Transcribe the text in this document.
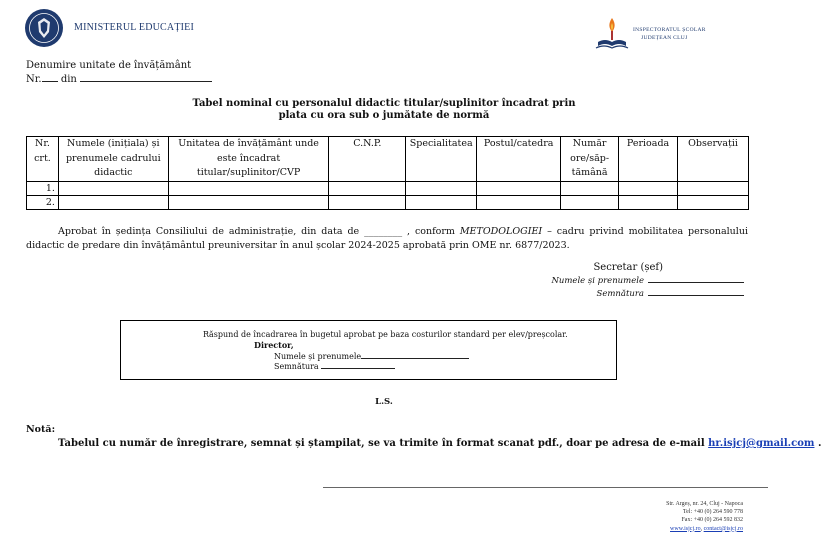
MINISTERUL EDUCAȚIEI	INSPECTORATUL ȘCOLAR
JUDEȚEAN CLUJ
Denumire unitate de învățământ
Nr. din
Tabel nominal cu personalul didactic titular/suplinitor încadrat prin
plata cu ora sub o jumătate de normă
Nr. crt.	Numele (inițiala) și prenumele cadrului didactic	Unitatea de învățământ unde este încadrat titular/suplinitor/CVP	C.N.P.	Specialitatea	Postul/catedra	Număr ore/săp-tămână	Perioada	Observații
1.								
2.								
Aprobat în ședința Consiliului de administrație, din data de ________ , conform METODOLOGIEI – cadru privind mobilitatea personalului didactic de predare din învățământul preuniversitar în anul școlar 2024-2025 aprobată prin OME nr. 6877/2023.
Secretar (șef)
Numele și prenumele
Semnătura
Răspund de încadrarea în bugetul aprobat pe baza costurilor standard per elev/preșcolar.
Director,
Numele și prenumele
Semnătura
L.S.
Notă:
Tabelul cu număr de înregistrare, semnat și ștampilat, se va trimite în format scanat pdf., doar pe adresa de e-mail hr.isjcj@gmail.com .
Str. Argeș, nr. 24, Cluj - Napoca
Tel: +40 (0) 264 590 778
Fax: +40 (0) 264 592 832
www.isjcj.ro, contact@isjcj.ro
